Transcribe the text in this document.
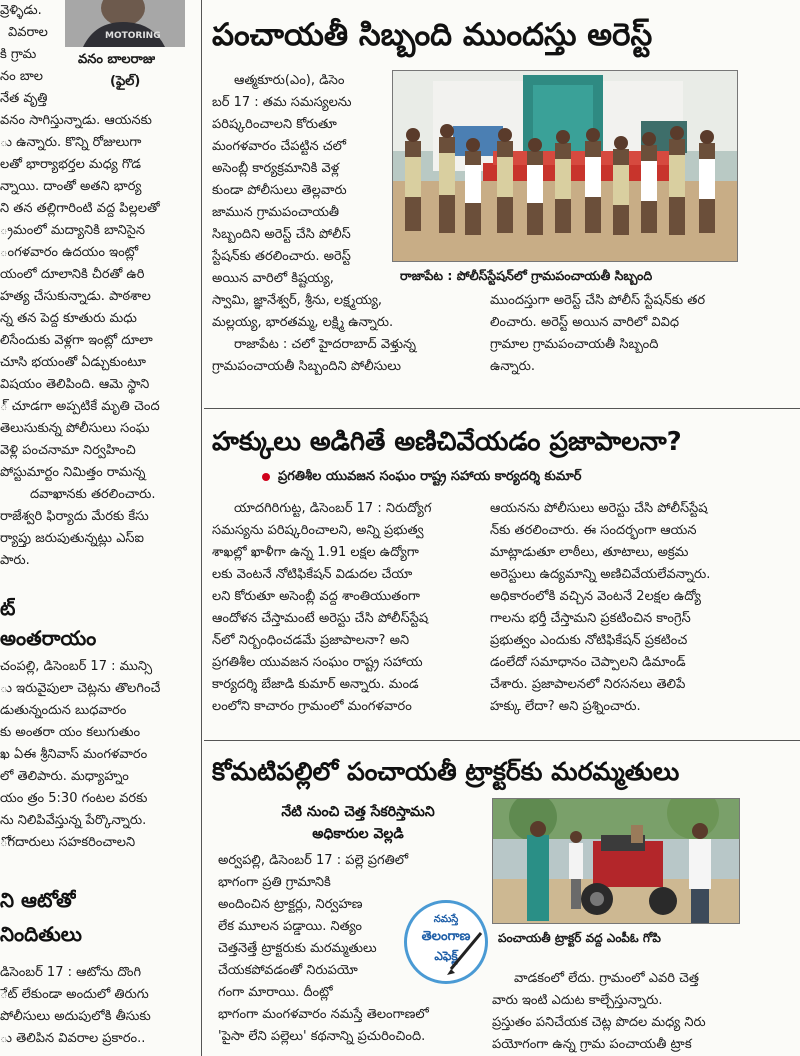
MOTORING
వనం బాలరాజు
(ఫైల్)

వ్రెళ్ళిడు.

వివరాల

కి గ్రామ

నం బాల

నేత వృత్తి

వనం సాగిస్తున్నాడు. ఆయనకు

ు ఉన్నారు. కొన్ని రోజులుగా

లతో భార్యాభర్తల మధ్య గొడ

న్నాయి. దాంతో అతని భార్య

ని తన తల్లిగారింటి వద్ద పిల్లలతో

్రమంలో మద్యానికి బానిసైన

ంగళవారం ఉదయం ఇంట్లో

యంలో దూలానికి చీరతో ఉరి

హత్య చేసుకున్నాడు. పాఠశాల

న్న తన పెద్ద కూతురు మధు

లిసేందుకు వెళ్లగా ఇంట్లో దూలా

చూసి భయంతో ఏడ్చుకుంటూ

విషయం తెలిపింది. ఆమె స్థాని

్ చూడగా అప్పటికే మృతి చెంద

తెలుసుకున్న పోలీసులు సంఘ

వెళ్లి పంచనామా నిర్వహించి

పోస్టుమార్టం నిమిత్తం రామన్న

దవాఖానకు తరలించారు.

రాజేశ్వరి ఫిర్యాదు మేరకు కేసు

ర్యాప్తు జరుపుతున్నట్లు ఎస్ఐ

పారు.

ట్
అంతరాయం

చంపల్లి, డిసెంబర్ 17 : మున్సి

ు ఇరువైపులా చెట్లను తొలగించే

డుతున్నందున బుధవారం

కు అంతరా యం కలుగుతుం

ఖ ఏఈ శ్రీనివాస్ మంగళవారం

లో తెలిపారు. మధ్యాహ్నం

యం త్రం 5:30 గంటల వరకు

ను నిలిపివేస్తున్న పేర్కొన్నారు.

ోగదారులు సహకరించాలని

ని ఆటోతో
నిందితులు

డిసెంబర్ 17 : ఆటోను దొంగి

ేట్ లేకుండా అందులో తిరుగు

పోలీసులు అదుపులోకి తీసుకు

ు తెలిపిన వివరాల ప్రకారం..

పంచాయతీ సిబ్బంది ముందస్తు అరెస్ట్

ఆత్మకూరు(ఎం), డిసెం

బర్ 17 : తమ సమస్యలను

పరిష్కరించాలని కోరుతూ

మంగళవారం చేపట్టిన చలో

అసెంబ్లీ కార్యక్రమానికి వెళ్ల

కుండా పోలీసులు తెల్లవారు

జామున గ్రామపంచాయతీ

సిబ్బందిని అరెస్ట్ చేసి పోలీస్

స్టేషన్‌కు తరలించారు. అరెస్ట్

రాజాపేట : పోలీస్‌స్టేషన్‌లో గ్రామపంచాయతీ సిబ్బంది

అయిన వారిలో కిష్టయ్య,

స్వామి, జ్ఞానేశ్వర్, శ్రీను, లక్ష్మయ్య,

మల్లయ్య, భారతమ్మ, లక్ష్మి ఉన్నారు.

రాజాపేట : చలో హైదరాబాద్ వెళ్తున్న

గ్రామపంచాయతీ సిబ్బందిని పోలీసులు

ముందస్తుగా అరెస్ట్ చేసి పోలీస్ స్టేషన్‌కు తర

లించారు. అరెస్ట్ అయిన వారిలో వివిధ

గ్రామాల గ్రామపంచాయతీ సిబ్బంది

ఉన్నారు.

హక్కులు అడిగితే అణిచివేయడం ప్రజాపాలనా?
ప్రగతిశీల యువజన సంఘం రాష్ట్ర సహాయ కార్యదర్శి కుమార్

యాదగిరిగుట్ట, డిసెంబర్ 17 : నిరుద్యోగ

సమస్యను పరిష్కరించాలని, అన్ని ప్రభుత్వ

శాఖల్లో ఖాళీగా ఉన్న 1.91 లక్షల ఉద్యోగా

లకు వెంటనే నోటిఫికేషన్ విడుదల చేయా

లని కోరుతూ అసెంబ్లీ వద్ద శాంతియుతంగా

ఆందోళన చేస్తామంటే అరెస్టు చేసి పోలీస్‌స్టేష

న్‌లో నిర్బంధించడమే ప్రజాపాలనా? అని

ప్రగతిశీల యువజన సంఘం రాష్ట్ర సహాయ

కార్యదర్శి బేజాడి కుమార్ అన్నారు. మండ

లంలోని కాచారం గ్రామంలో మంగళవారం

ఆయనను పోలీసులు అరెస్టు చేసి పోలీస్‌స్టేష

న్‌కు తరలించారు. ఈ సందర్భంగా ఆయన

మాట్లాడుతూ లాఠీలు, తూటాలు, అక్రమ

అరెస్టులు ఉద్యమాన్ని అణిచివేయలేవన్నారు.

అధికారంలోకి వచ్చిన వెంటనే 2లక్షల ఉద్యో

గాలను భర్తీ చేస్తామని ప్రకటించిన కాంగ్రెస్

ప్రభుత్వం ఎందుకు నోటిఫికేషన్ ప్రకటించ

డంలేదో సమాధానం చెప్పాలని డిమాండ్

చేశారు. ప్రజాపాలనలో నిరసనలు తెలిపే

హక్కు లేదా? అని ప్రశ్నించారు.

కోమటిపల్లిలో పంచాయతీ ట్రాక్టర్‌కు మరమ్మతులు
నేటి నుంచి చెత్త సేకరిస్తామని
అధికారుల వెల్లడి

అర్వపల్లి, డిసెంబర్ 17 : పల్లె ప్రగతిలో

భాగంగా ప్రతి గ్రామానికి

అందించిన ట్రాక్టర్లు, నిర్వహణ

లేక మూలన పడ్డాయి. నిత్యం

చెత్తనెత్తే ట్రాక్టరుకు మరమ్మతులు

చేయకపోవడంతో నిరుపయో

గంగా మారాయి. దీంట్లో

భాగంగా మంగళవారం నమస్తే తెలంగాణలో

'పైసా లేని పల్లెలు' కథనాన్ని ప్రచురించింది.

నమస్తే
తెలంగాణ
ఎఫెక్ట్
పంచాయతీ ట్రాక్టర్ వద్ద ఎంపీఓ గోపి

వాడకంలో లేదు. గ్రామంలో ఎవరి చెత్త

వారు ఇంటి ఎదుట కాల్చేస్తున్నారు.

ప్రస్తుతం పనిచేయక చెట్ల పొదల మధ్య నిరు

పయోగంగా ఉన్న గ్రామ పంచాయతీ ట్రాక
